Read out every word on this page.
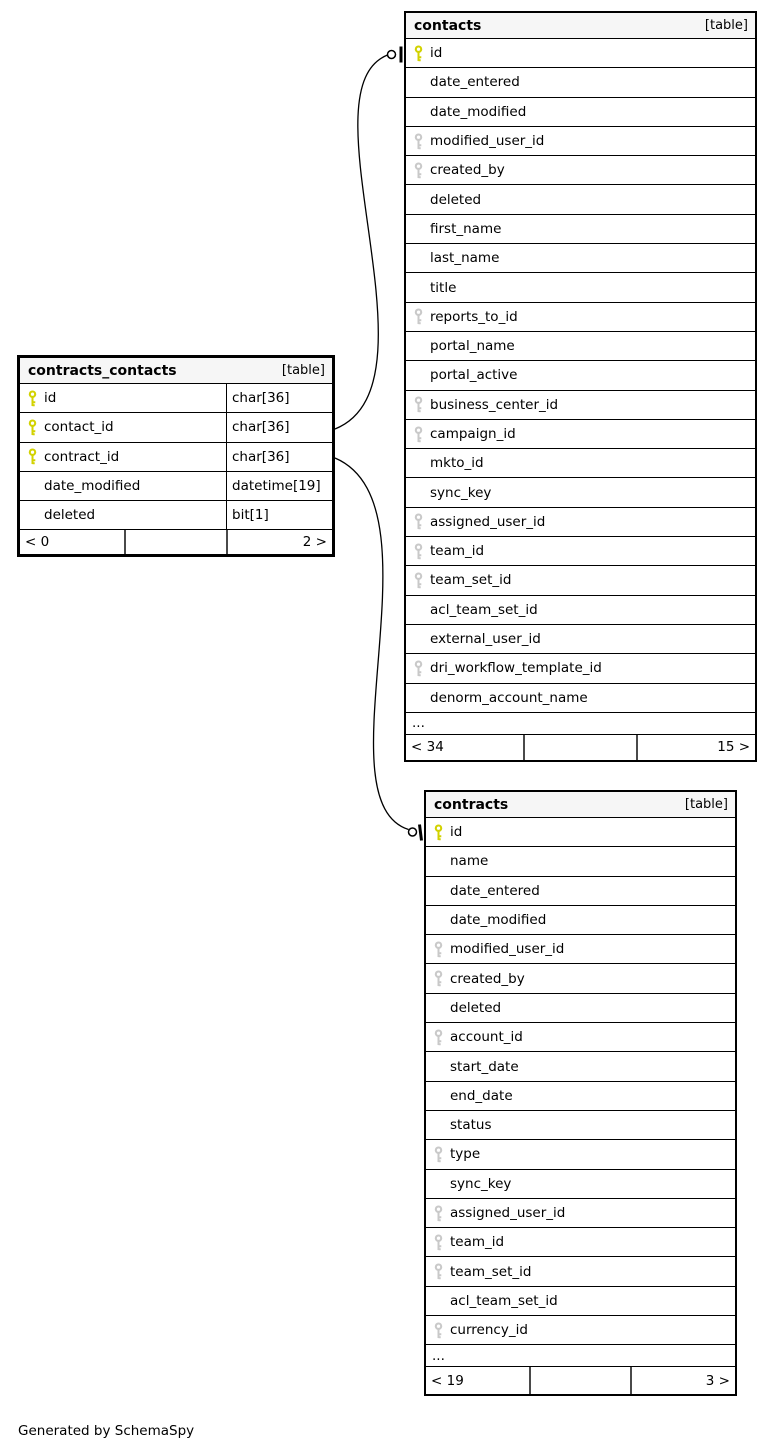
contacts	[table]
id
date_entered
date_modified
modified_user_id
created_by
deleted
first_name
last_name
title
reports_to_id
portal_name
portal_active
business_center_id
campaign_id
mkto_id
sync_key
assigned_user_id
team_id
team_set_id
acl_team_set_id
external_user_id
dri_workflow_template_id
denorm_account_name
...
< 34	15 >
contracts_contacts	[table]
id	char[36]
contact_id	char[36]
contract_id	char[36]
date_modified	datetime[19]
deleted	bit[1]
< 0	2 >
contracts	[table]
id
name
date_entered
date_modified
modified_user_id
created_by
deleted
account_id
start_date
end_date
status
type
sync_key
assigned_user_id
team_id
team_set_id
acl_team_set_id
currency_id
...
< 19	3 >
Generated by SchemaSpy
